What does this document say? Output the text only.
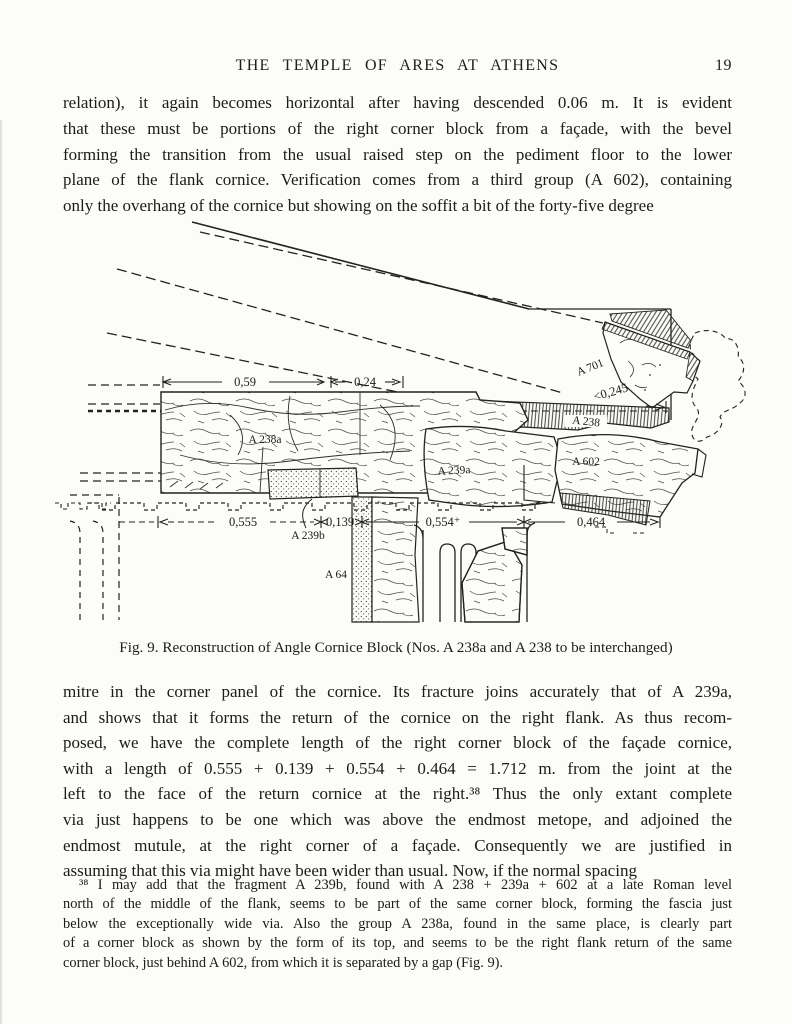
THE TEMPLE OF ARES AT ATHENS	19
relation), it again becomes horizontal after having descended 0.06 m. It is evident
that these must be portions of the right corner block from a façade, with the bevel
forming the transition from the usual raised step on the pediment floor to the lower
plane of the flank cornice. Verification comes from a third group (A 602), containing
only the overhang of the cornice but showing on the soffit a bit of the forty-five degree
0,59	0,24	<0,245
0,555	0,139	0,554⁺	0,464
A 238a
A 238
A 239a
A 602
A 701
A 239b
A 64
Fig. 9. Reconstruction of Angle Cornice Block (Nos. A 238a and A 238 to be interchanged)
mitre in the corner panel of the cornice. Its fracture joins accurately that of A 239a,
and shows that it forms the return of the cornice on the right flank. As thus recom-
posed, we have the complete length of the right corner block of the façade cornice,
with a length of 0.555 + 0.139 + 0.554 + 0.464 = 1.712 m. from the joint at the
left to the face of the return cornice at the right.³⁸ Thus the only extant complete
via just happens to be one which was above the endmost metope, and adjoined the
endmost mutule, at the right corner of a façade. Consequently we are justified in
assuming that this via might have been wider than usual. Now, if the normal spacing
³⁸ I may add that the fragment A 239b, found with A 238 + 239a + 602 at a late Roman level
north of the middle of the flank, seems to be part of the same corner block, forming the fascia just
below the exceptionally wide via. Also the group A 238a, found in the same place, is clearly part
of a corner block as shown by the form of its top, and seems to be the right flank return of the same
corner block, just behind A 602, from which it is separated by a gap (Fig. 9).
